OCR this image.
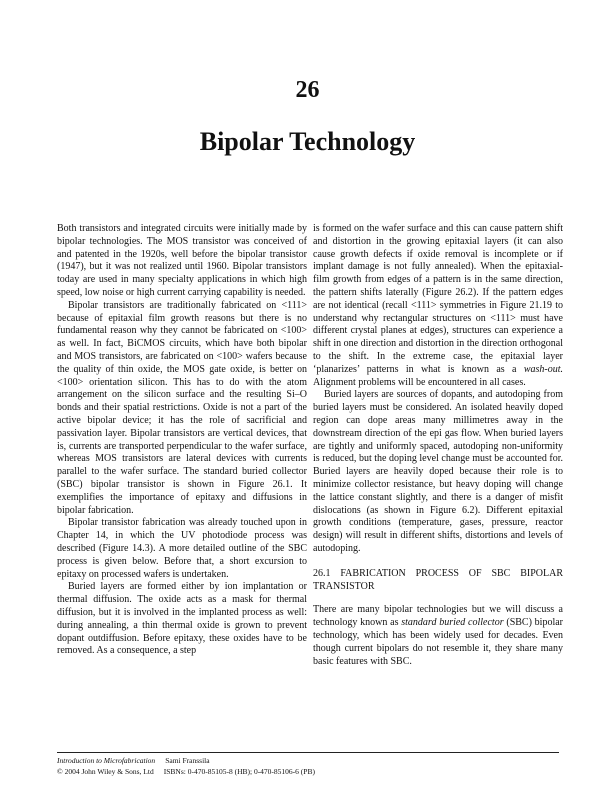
26
Bipolar Technology

Both transistors and integrated circuits were initially made by bipolar technologies. The MOS transistor was conceived of and patented in the 1920s, well before the bipolar transistor (1947), but it was not realized until 1960. Bipolar transistors today are used in many specialty applications in which high speed, low noise or high current carrying capability is needed.

Bipolar transistors are traditionally fabricated on <111> because of epitaxial film growth reasons but there is no fundamental reason why they cannot be fabricated on <100> as well. In fact, BiCMOS circuits, which have both bipolar and MOS transistors, are fabricated on <100> wafers because the quality of thin oxide, the MOS gate oxide, is better on <100> orientation silicon. This has to do with the atom arrangement on the silicon surface and the resulting Si–O bonds and their spatial restrictions. Oxide is not a part of the active bipolar device; it has the role of sacrificial and passivation layer. Bipolar transistors are vertical devices, that is, currents are transported perpendicular to the wafer surface, whereas MOS transistors are lateral devices with currents parallel to the wafer surface. The standard buried collector (SBC) bipolar transistor is shown in Figure 26.1. It exemplifies the importance of epitaxy and diffusions in bipolar fabrication.

Bipolar transistor fabrication was already touched upon in Chapter 14, in which the UV photodiode process was described (Figure 14.3). A more detailed outline of the SBC process is given below. Before that, a short excursion to epitaxy on processed wafers is undertaken.

Buried layers are formed either by ion implantation or thermal diffusion. The oxide acts as a mask for thermal diffusion, but it is involved in the implanted process as well: during annealing, a thin thermal oxide is grown to prevent dopant outdiffusion. Before epitaxy, these oxides have to be removed. As a consequence, a step

is formed on the wafer surface and this can cause pattern shift and distortion in the growing epitaxial layers (it can also cause growth defects if oxide removal is incomplete or if implant damage is not fully annealed). When the epitaxial-film growth from edges of a pattern is in the same direction, the pattern shifts laterally (Figure 26.2). If the pattern edges are not identical (recall <111> symmetries in Figure 21.19 to understand why rectangular structures on <111> must have different crystal planes at edges), structures can experience a shift in one direction and distortion in the direction orthogonal to the shift. In the extreme case, the epitaxial layer ‘planarizes’ patterns in what is known as a wash-out. Alignment problems will be encountered in all cases.

Buried layers are sources of dopants, and autodoping from buried layers must be considered. An isolated heavily doped region can dope areas many millimetres away in the downstream direction of the epi gas flow. When buried layers are tightly and uniformly spaced, autodoping non-uniformity is reduced, but the doping level change must be accounted for. Buried layers are heavily doped because their role is to minimize collector resistance, but heavy doping will change the lattice constant slightly, and there is a danger of misfit dislocations (as shown in Figure 6.2). Different epitaxial growth conditions (temperature, gases, pressure, reactor design) will result in different shifts, distortions and levels of autodoping.

26.1 FABRICATION PROCESS OF SBC BIPOLAR TRANSISTOR

There are many bipolar technologies but we will discuss a technology known as standard buried collector (SBC) bipolar technology, which has been widely used for decades. Even though current bipolars do not resemble it, they share many basic features with SBC.

Introduction to Microfabrication Sami Franssila
© 2004 John Wiley & Sons, Ltd ISBNs: 0-470-85105-8 (HB); 0-470-85106-6 (PB)
